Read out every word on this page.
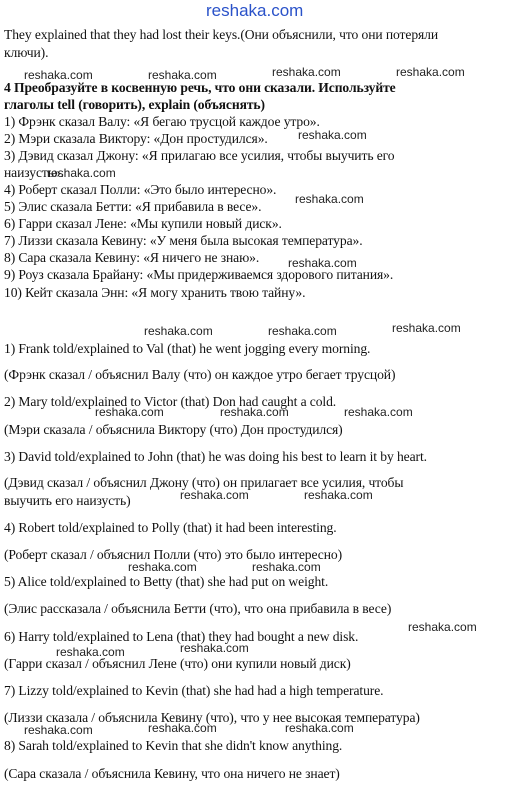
reshaka.com
They explained that they had lost their keys.(Они объяснили, что они потеряли
ключи).
4 Преобразуйте в косвенную речь, что они сказали. Используйте
глаголы tell (говорить), explain (объяснять)
1) Фрэнк сказал Валу: «Я бегаю трусцой каждое утро».
2) Мэри сказала Виктору: «Дон простудился».
3) Дэвид сказал Джону: «Я прилагаю все усилия, чтобы выучить его
наизусть».
4) Роберт сказал Полли: «Это было интересно».
5) Элис сказала Бетти: «Я прибавила в весе».
6) Гарри сказал Лене: «Мы купили новый диск».
7) Лиззи сказала Кевину: «У меня была высокая температура».
8) Сара сказала Кевину: «Я ничего не знаю».
9) Роуз сказала Брайану: «Мы придерживаемся здорового питания».
10) Кейт сказала Энн: «Я могу хранить твою тайну».
1) Frank told/explained to Val (that) he went jogging every morning.
(Фрэнк сказал / объяснил Валу (что) он каждое утро бегает трусцой)
2) Mary told/explained to Victor (that) Don had caught a cold.
(Мэри сказала / объяснила Виктору (что) Дон простудился)
3) David told/explained to John (that) he was doing his best to learn it by heart.
(Дэвид сказал / объяснил Джону (что) он прилагает все усилия, чтобы
выучить его наизусть)
4) Robert told/explained to Polly (that) it had been interesting.
(Роберт сказал / объяснил Полли (что) это было интересно)
5) Alice told/explained to Betty (that) she had put on weight.
(Элис рассказала / объяснила Бетти (что), что она прибавила в весе)
6) Harry told/explained to Lena (that) they had bought a new disk.
(Гарри сказал / объяснил Лене (что) они купили новый диск)
7) Lizzy told/explained to Kevin (that) she had had a high temperature.
(Лиззи сказала / объяснила Кевину (что), что у нее высокая температура)
8) Sarah told/explained to Kevin that she didn't know anything.
(Сара сказала / объяснила Кевину, что она ничего не знает)
reshaka.com	reshaka.com	reshaka.com	reshaka.com
reshaka.com
reshaka.com
reshaka.com
reshaka.com
reshaka.com	reshaka.com	reshaka.com
reshaka.com	reshaka.com	reshaka.com
reshaka.com	reshaka.com
reshaka.com	reshaka.com
reshaka.com
reshaka.com	reshaka.com
reshaka.com	reshaka.com	reshaka.com
